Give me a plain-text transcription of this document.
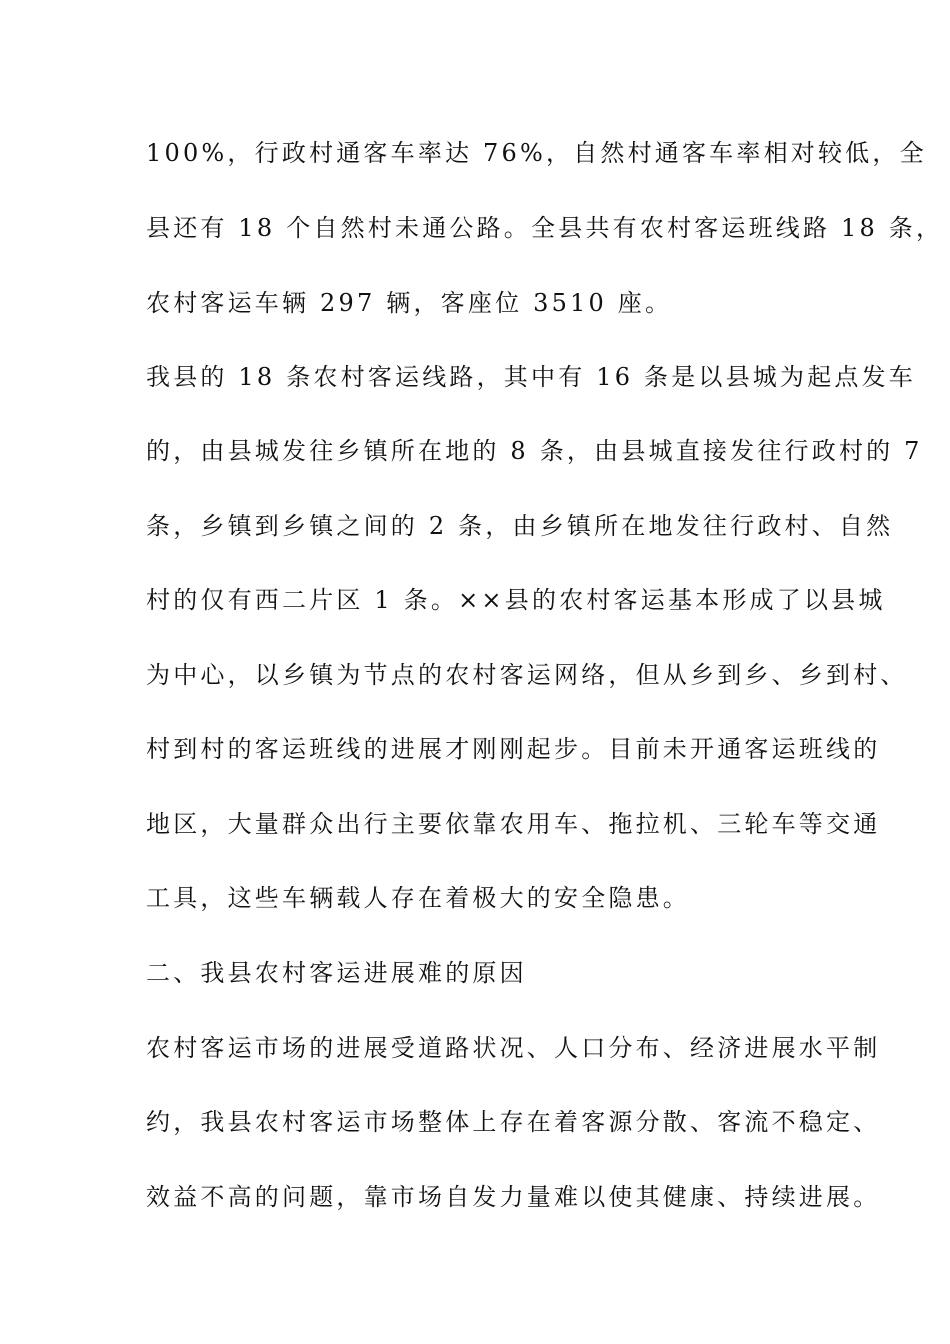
100%，行政村通客车率达 76%，自然村通客车率相对较低，全
县还有 18 个自然村未通公路。全县共有农村客运班线路 18 条，
农村客运车辆 297 辆，客座位 3510 座。
我县的 18 条农村客运线路，其中有 16 条是以县城为起点发车
的，由县城发往乡镇所在地的 8 条，由县城直接发往行政村的 7
条，乡镇到乡镇之间的 2 条，由乡镇所在地发往行政村、自然
村的仅有西二片区 1 条。××县的农村客运基本形成了以县城
为中心，以乡镇为节点的农村客运网络，但从乡到乡、乡到村、
村到村的客运班线的进展才刚刚起步。目前未开通客运班线的
地区，大量群众出行主要依靠农用车、拖拉机、三轮车等交通
工具，这些车辆载人存在着极大的安全隐患。
二、我县农村客运进展难的原因
农村客运市场的进展受道路状况、人口分布、经济进展水平制
约，我县农村客运市场整体上存在着客源分散、客流不稳定、
效益不高的问题，靠市场自发力量难以使其健康、持续进展。
